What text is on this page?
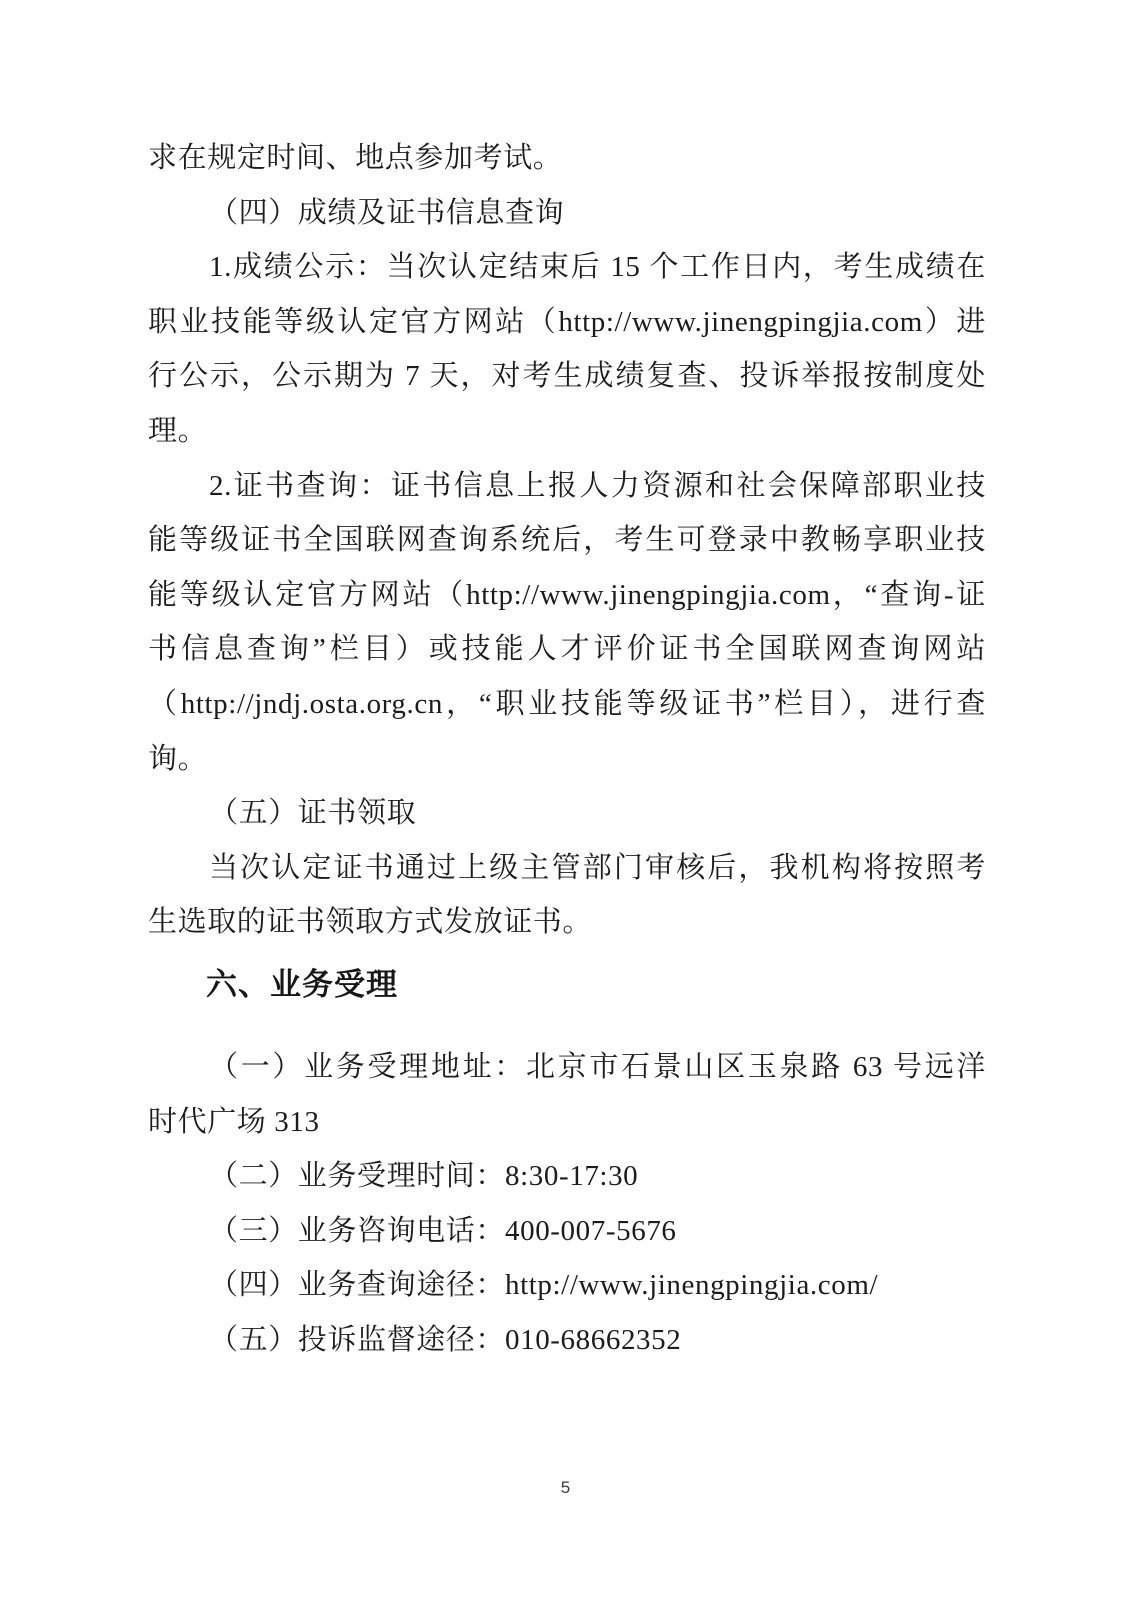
求在规定时间、地点参加考试。
（四）成绩及证书信息查询
1.成绩公示：当次认定结束后 15 个工作日内，考生成绩在
职业技能等级认定官方网站（http://www.jinengpingjia.com）进
行公示，公示期为 7 天，对考生成绩复查、投诉举报按制度处
理。
2.证书查询：证书信息上报人力资源和社会保障部职业技
能等级证书全国联网查询系统后，考生可登录中教畅享职业技
能等级认定官方网站（http://www.jinengpingjia.com，“查询-证
书信息查询”栏目）或技能人才评价证书全国联网查询网站
（http://jndj.osta.org.cn，“职业技能等级证书”栏目），进行查
询。
（五）证书领取
当次认定证书通过上级主管部门审核后，我机构将按照考
生选取的证书领取方式发放证书。
六、业务受理
（一）业务受理地址：北京市石景山区玉泉路 63 号远洋
时代广场 313
（二）业务受理时间：8:30-17:30
（三）业务咨询电话：400-007-5676
（四）业务查询途径：http://www.jinengpingjia.com/
（五）投诉监督途径：010-68662352
5
